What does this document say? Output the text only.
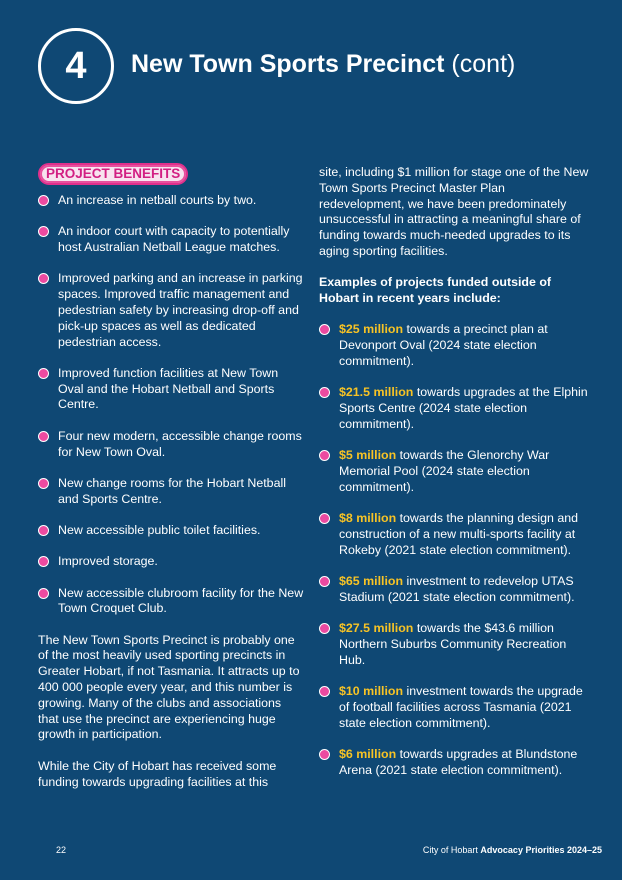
4 New Town Sports Precinct (cont)
PROJECT BENEFITS
An increase in netball courts by two.
An indoor court with capacity to potentially host Australian Netball League matches.
Improved parking and an increase in parking spaces. Improved traffic management and pedestrian safety by increasing drop-off and pick-up spaces as well as dedicated pedestrian access.
Improved function facilities at New Town Oval and the Hobart Netball and Sports Centre.
Four new modern, accessible change rooms for New Town Oval.
New change rooms for the Hobart Netball and Sports Centre.
New accessible public toilet facilities.
Improved storage.
New accessible clubroom facility for the New Town Croquet Club.

The New Town Sports Precinct is probably one of the most heavily used sporting precincts in Greater Hobart, if not Tasmania. It attracts up to 400 000 people every year, and this number is growing. Many of the clubs and associations that use the precinct are experiencing huge growth in participation.

While the City of Hobart has received some funding towards upgrading facilities at this

site, including $1 million for stage one of the New Town Sports Precinct Master Plan redevelopment, we have been predominately unsuccessful in attracting a meaningful share of funding towards much-needed upgrades to its aging sporting facilities.

Examples of projects funded outside of Hobart in recent years include:

$25 million towards a precinct plan at Devonport Oval (2024 state election commitment).
$21.5 million towards upgrades at the Elphin Sports Centre (2024 state election commitment).
$5 million towards the Glenorchy War Memorial Pool (2024 state election commitment).
$8 million towards the planning design and construction of a new multi-sports facility at Rokeby (2021 state election commitment).
$65 million investment to redevelop UTAS Stadium (2021 state election commitment).
$27.5 million towards the $43.6 million Northern Suburbs Community Recreation Hub.
$10 million investment towards the upgrade of football facilities across Tasmania (2021 state election commitment).
$6 million towards upgrades at Blundstone Arena (2021 state election commitment).
22	City of Hobart Advocacy Priorities 2024–25
